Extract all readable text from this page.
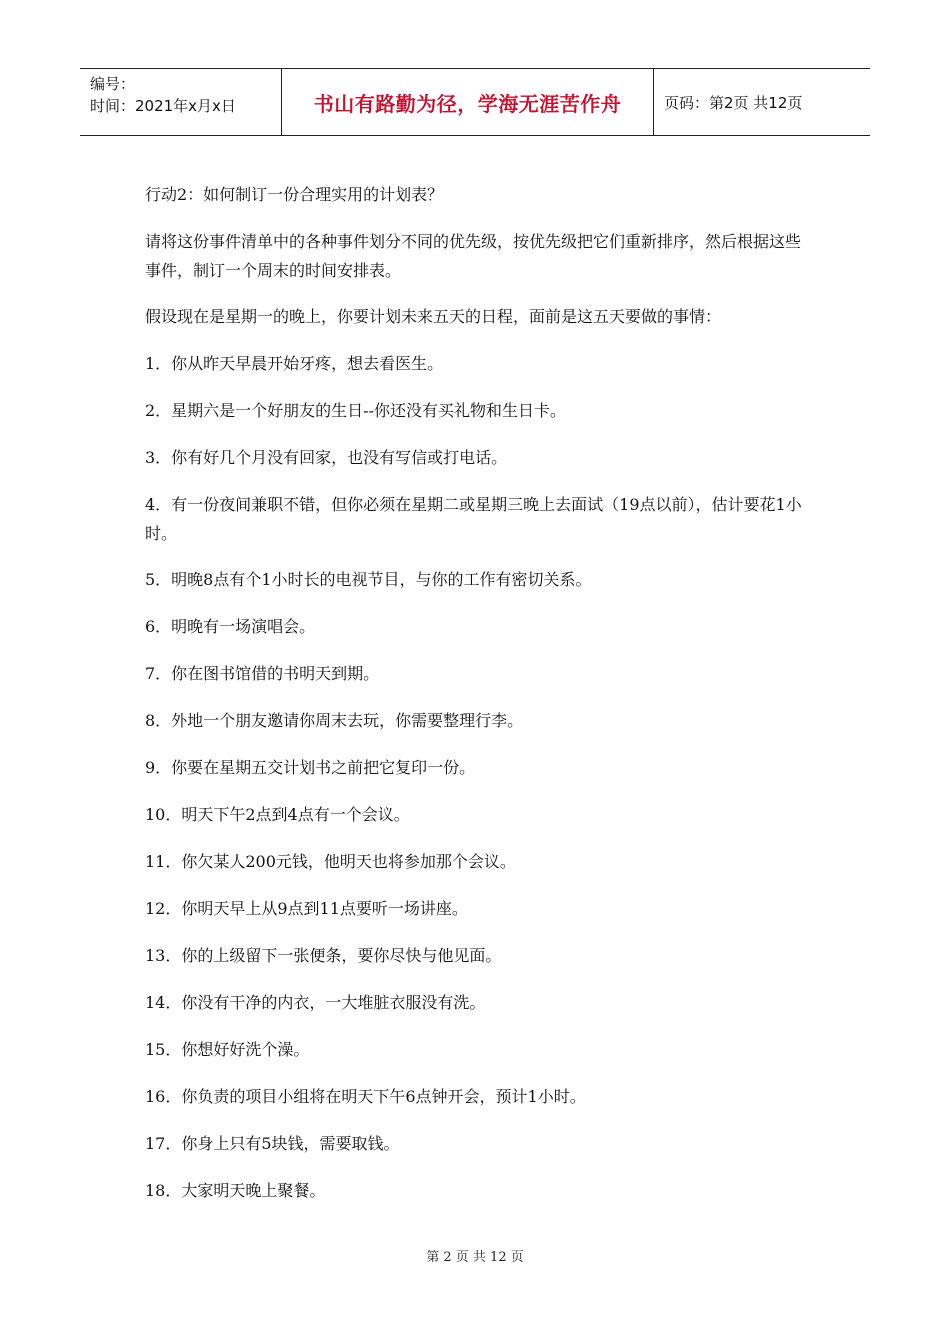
编号：
时间：2021年x月x日	书山有路勤为径，学海无涯苦作舟	页码：第2页 共12页

行动2：如何制订一份合理实用的计划表？

请将这份事件清单中的各种事件划分不同的优先级，按优先级把它们重新排序，然后根据这些事件，制订一个周末的时间安排表。

假设现在是星期一的晚上，你要计划未来五天的日程，面前是这五天要做的事情：

1．你从昨天早晨开始牙疼，想去看医生。

2．星期六是一个好朋友的生日--你还没有买礼物和生日卡。

3．你有好几个月没有回家，也没有写信或打电话。

4．有一份夜间兼职不错，但你必须在星期二或星期三晚上去面试（19点以前），估计要花1小时。

5．明晚8点有个1小时长的电视节目，与你的工作有密切关系。

6．明晚有一场演唱会。

7．你在图书馆借的书明天到期。

8．外地一个朋友邀请你周末去玩，你需要整理行李。

9．你要在星期五交计划书之前把它复印一份。

10．明天下午2点到4点有一个会议。

11．你欠某人200元钱，他明天也将参加那个会议。

12．你明天早上从9点到11点要听一场讲座。

13．你的上级留下一张便条，要你尽快与他见面。

14．你没有干净的内衣，一大堆脏衣服没有洗。

15．你想好好洗个澡。

16．你负责的项目小组将在明天下午6点钟开会，预计1小时。

17．你身上只有5块钱，需要取钱。

18．大家明天晚上聚餐。

第 2 页 共 12 页
